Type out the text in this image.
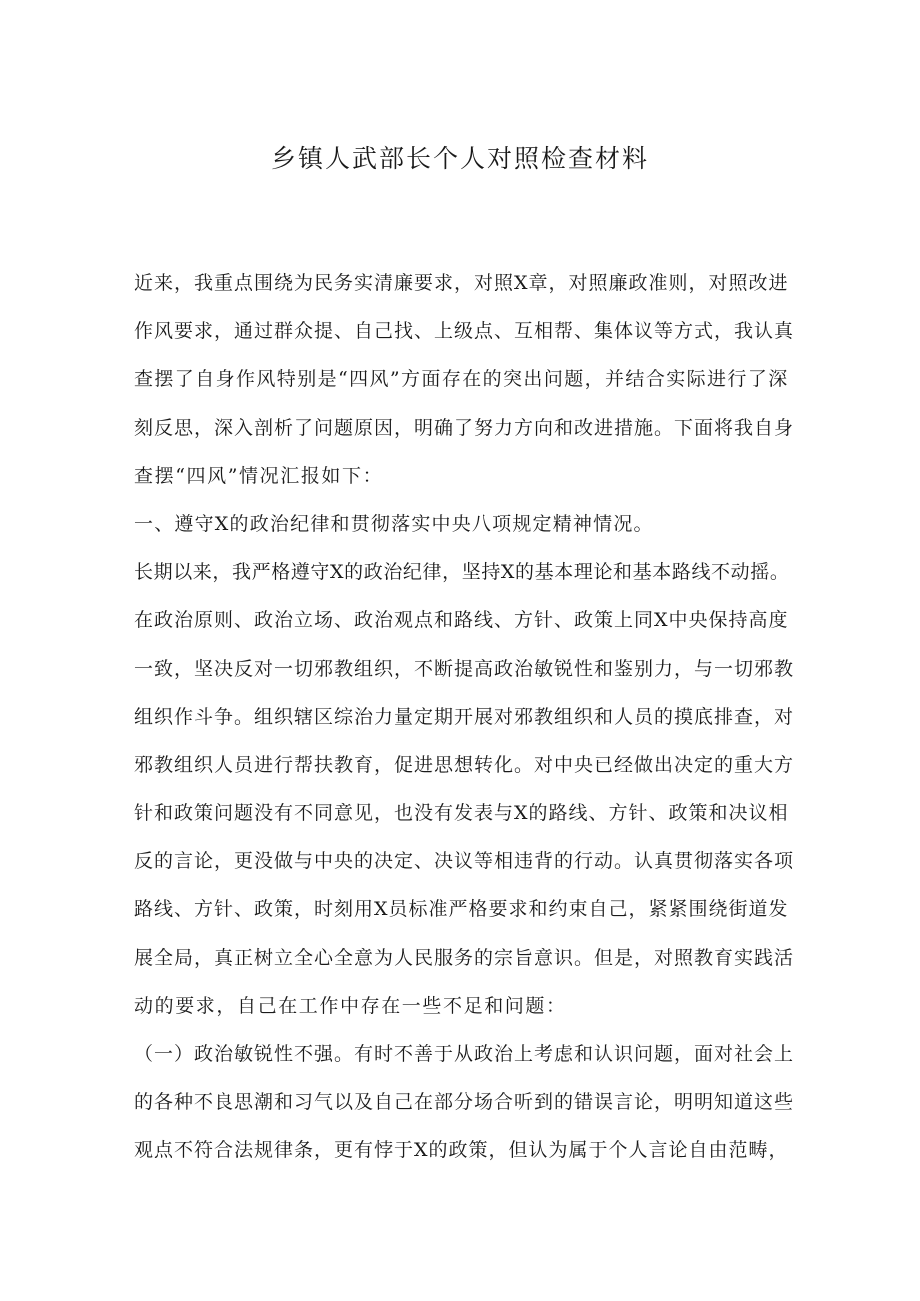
乡镇人武部长个人对照检查材料
近来，我重点围绕为民务实清廉要求，对照X章，对照廉政准则，对照改进
作风要求，通过群众提、自己找、上级点、互相帮、集体议等方式，我认真
查摆了自身作风特别是“四风”方面存在的突出问题，并结合实际进行了深
刻反思，深入剖析了问题原因，明确了努力方向和改进措施。下面将我自身
查摆“四风”情况汇报如下：
一、遵守X的政治纪律和贯彻落实中央八项规定精神情况。
长期以来，我严格遵守X的政治纪律，坚持X的基本理论和基本路线不动摇。
在政治原则、政治立场、政治观点和路线、方针、政策上同X中央保持高度
一致，坚决反对一切邪教组织，不断提高政治敏锐性和鉴别力，与一切邪教
组织作斗争。组织辖区综治力量定期开展对邪教组织和人员的摸底排查，对
邪教组织人员进行帮扶教育，促进思想转化。对中央已经做出决定的重大方
针和政策问题没有不同意见，也没有发表与X的路线、方针、政策和决议相
反的言论，更没做与中央的决定、决议等相违背的行动。认真贯彻落实各项
路线、方针、政策，时刻用X员标准严格要求和约束自己，紧紧围绕街道发
展全局，真正树立全心全意为人民服务的宗旨意识。但是，对照教育实践活
动的要求，自己在工作中存在一些不足和问题：
（一）政治敏锐性不强。有时不善于从政治上考虑和认识问题，面对社会上
的各种不良思潮和习气以及自己在部分场合听到的错误言论，明明知道这些
观点不符合法规律条，更有悖于X的政策，但认为属于个人言论自由范畴，
